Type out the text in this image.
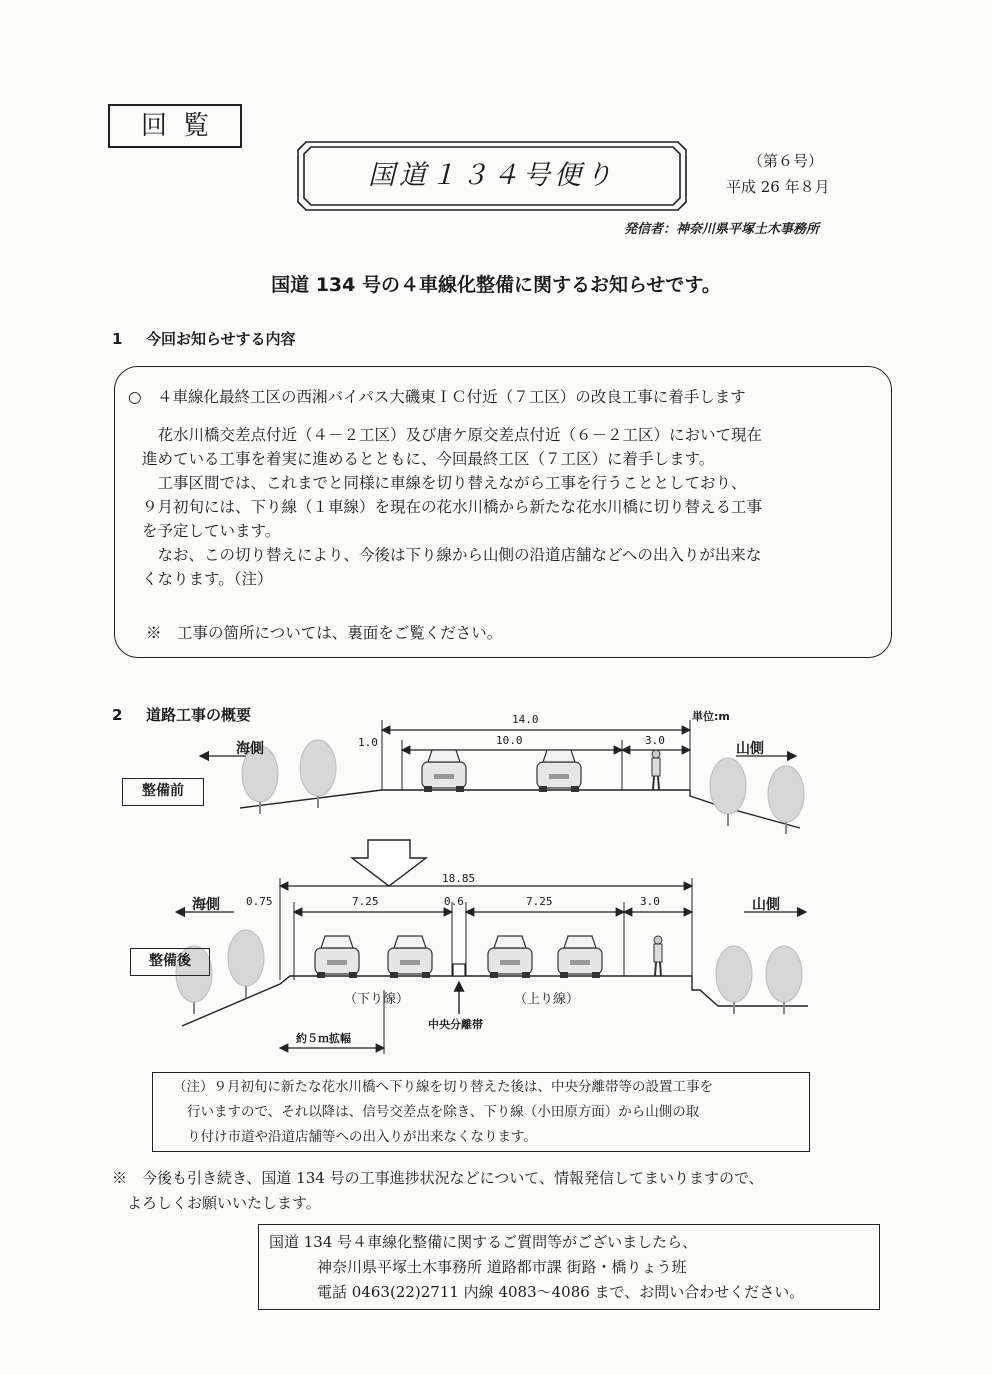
回覧
国道１３４号便り	（第６号）
平成 26 年８月
発信者：神奈川県平塚土木事務所
国道 134 号の４車線化整備に関するお知らせです。
1 今回お知らせする内容
○　４車線化最終工区の西湘バイパス大磯東ＩＣ付近（７工区）の改良工事に着手します
　花水川橋交差点付近（４－２工区）及び唐ケ原交差点付近（６－２工区）において現在
進めている工事を着実に進めるとともに、今回最終工区（７工区）に着手します。
　工事区間では、これまでと同様に車線を切り替えながら工事を行うこととしており、
９月初旬には、下り線（１車線）を現在の花水川橋から新たな花水川橋に切り替える工事
を予定しています。
　なお、この切り替えにより、今後は下り線から山側の沿道店舗などへの出入りが出来な
くなります。（注）
※　工事の箇所については、裏面をご覧ください。
2 道路工事の概要	単位:m
海側	山側
14.0
1.0	10.0	3.0
整備前
海側	山側
18.85
0.75	7.25	0.6	7.25	3.0
整備後
（下り線）	（上り線）
中央分離帯
約５ｍ拡幅
（注）９月初旬に新たな花水川橋へ下り線を切り替えた後は、中央分離帯等の設置工事を
行いますので、それ以降は、信号交差点を除き、下り線（小田原方面）から山側の取
り付け市道や沿道店舗等への出入りが出来なくなります。
※　今後も引き続き、国道 134 号の工事進捗状況などについて、情報発信してまいりますので、
　よろしくお願いいたします。
国道 134 号４車線化整備に関するご質問等がございましたら、
神奈川県平塚土木事務所 道路都市課 街路・橋りょう班
電話 0463(22)2711 内線 4083～4086 まで、お問い合わせください。
